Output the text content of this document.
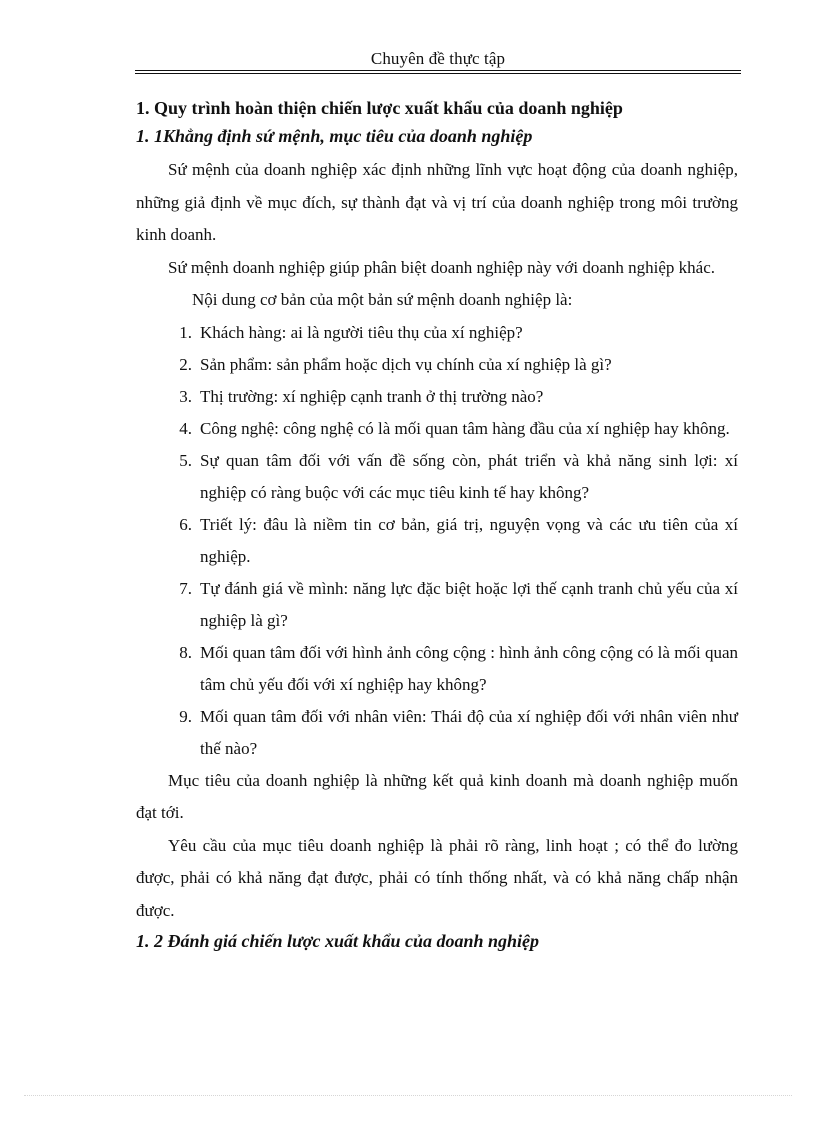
Chuyên đề thực tập

1. Quy trình hoàn thiện chiến lược xuất khẩu của doanh nghiệp

1. 1Khẳng định sứ mệnh, mục tiêu của doanh nghiệp

Sứ mệnh của doanh nghiệp xác định những lĩnh vực hoạt động của doanh nghiệp, những giả định về mục đích, sự thành đạt và vị trí của doanh nghiệp trong môi trường kinh doanh.

Sứ mệnh doanh nghiệp giúp phân biệt doanh nghiệp này với doanh nghiệp khác.

Nội dung cơ bản của một bản sứ mệnh doanh nghiệp là:

1. Khách hàng: ai là người tiêu thụ của xí nghiệp?
2. Sản phẩm: sản phẩm hoặc dịch vụ chính của xí nghiệp là gì?
3. Thị trường: xí nghiệp cạnh tranh ở thị trường nào?
4. Công nghệ: công nghệ có là mối quan tâm hàng đầu của xí nghiệp hay không.
5. Sự quan tâm đối với vấn đề sống còn, phát triển và khả năng sinh lợi: xí nghiệp có ràng buộc với các mục tiêu kinh tế hay không?
6. Triết lý: đâu là niềm tin cơ bản, giá trị, nguyện vọng và các ưu tiên của xí nghiệp.
7. Tự đánh giá về mình: năng lực đặc biệt hoặc lợi thế cạnh tranh chủ yếu của xí nghiệp là gì?
8. Mối quan tâm đối với hình ảnh công cộng : hình ảnh công cộng có là mối quan tâm chủ yếu đối với xí nghiệp hay không?
9. Mối quan tâm đối với nhân viên: Thái độ của xí nghiệp đối với nhân viên như thế nào?

Mục tiêu của doanh nghiệp là những kết quả kinh doanh mà doanh nghiệp muốn đạt tới.

Yêu cầu của mục tiêu doanh nghiệp là phải rõ ràng, linh hoạt ; có thể đo lường được, phải có khả năng đạt được, phải có tính thống nhất, và có khả năng chấp nhận được.

1. 2 Đánh giá chiến lược xuất khẩu của doanh nghiệp
